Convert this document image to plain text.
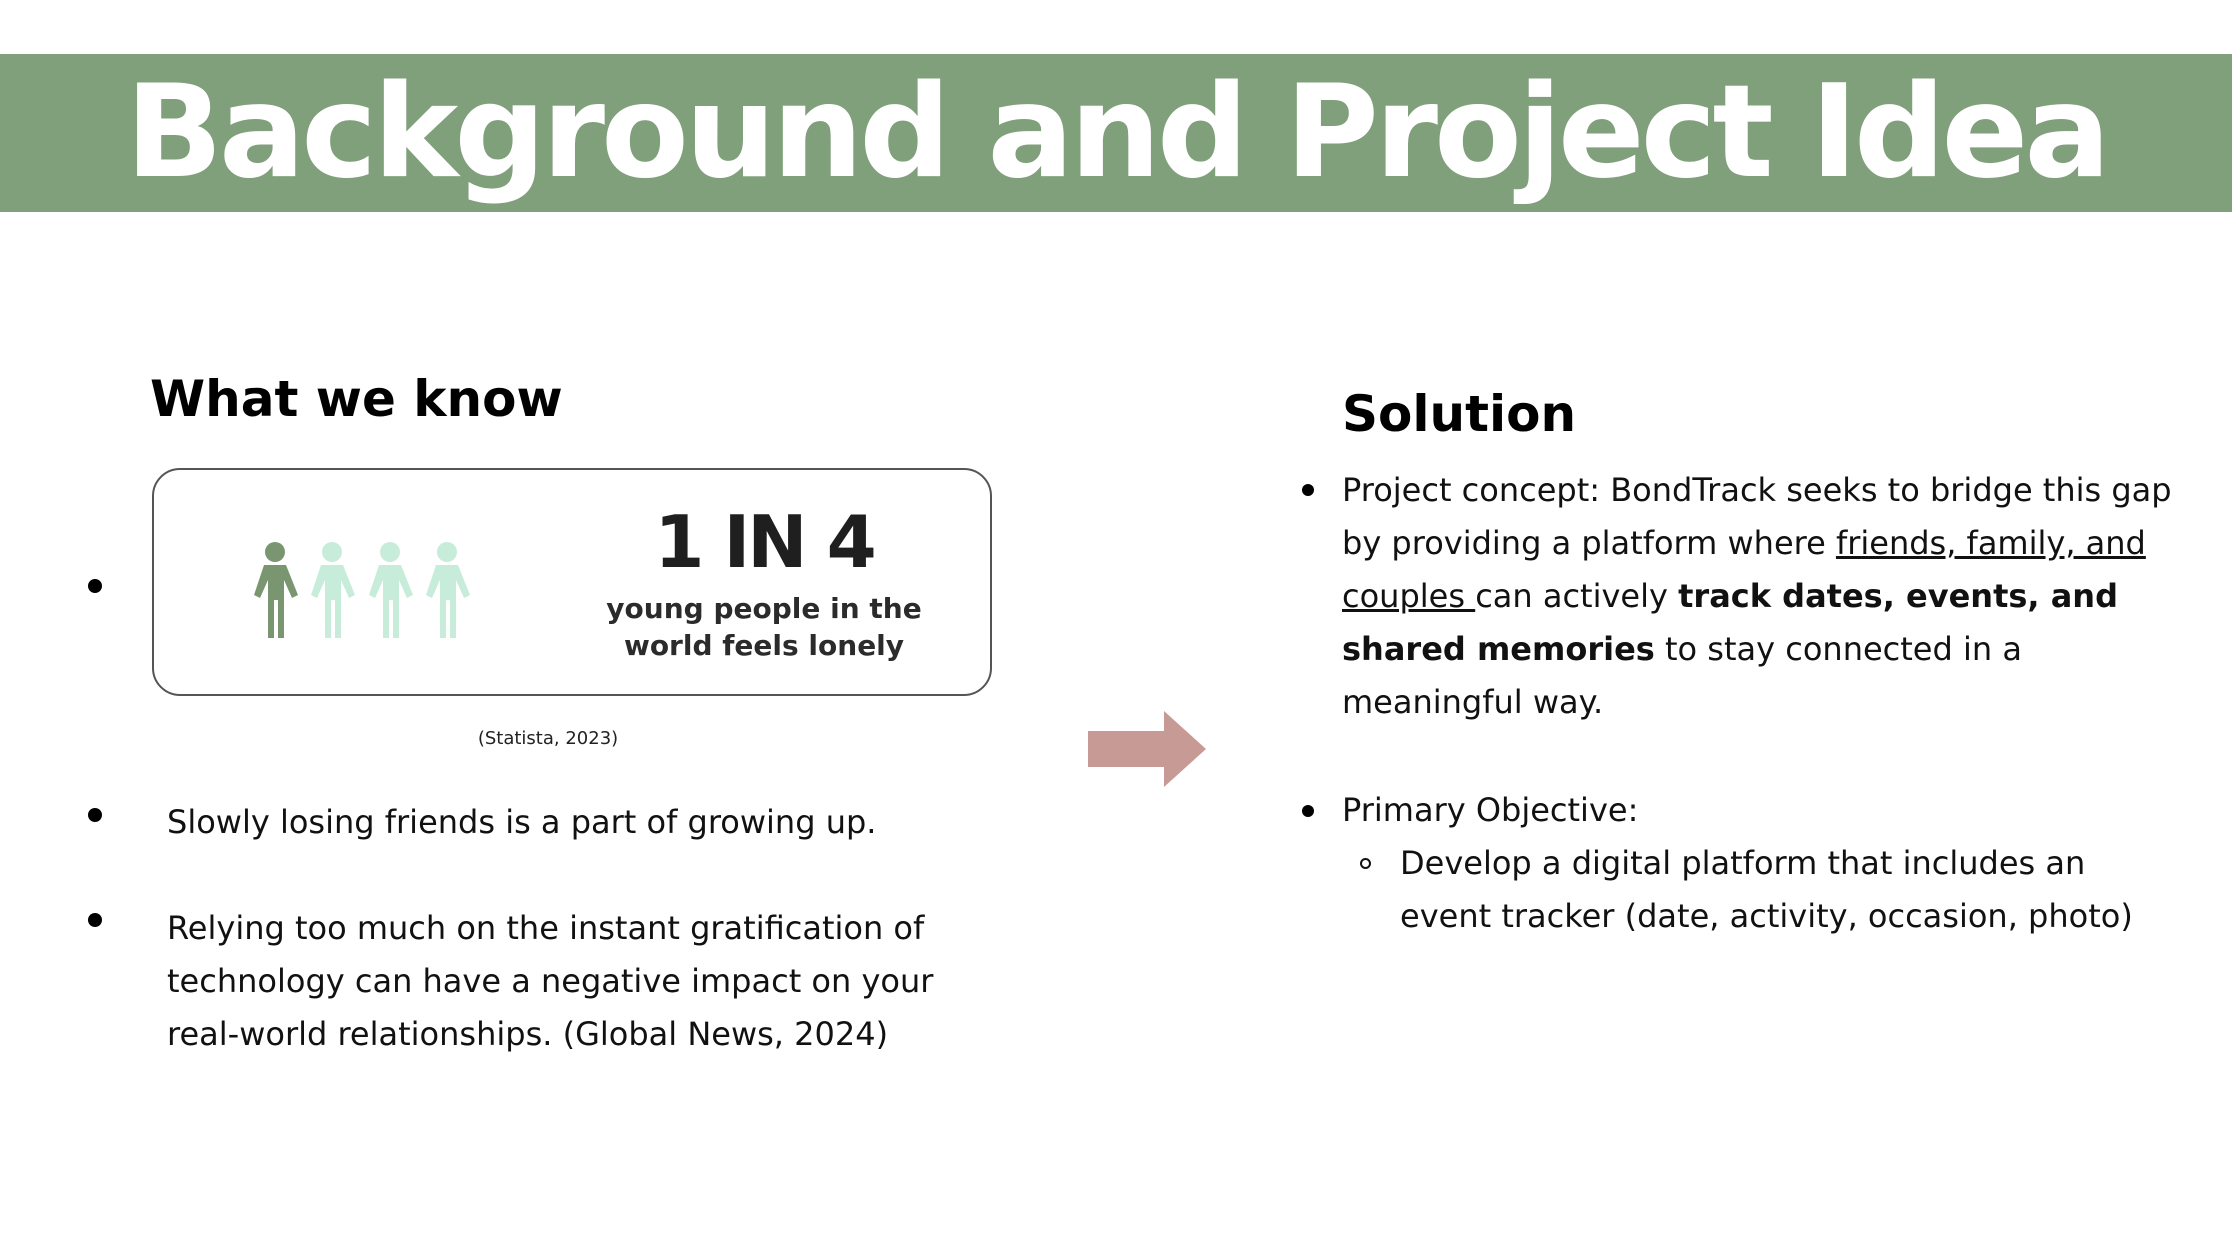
Background and Project Idea
What we know
1 IN 4
young people in the world feels lonely
(Statista, 2023)
Slowly losing friends is a part of growing up.
Relying too much on the instant gratification of technology can have a negative impact on your real-world relationships. (Global News, 2024)
Solution
Project concept: BondTrack seeks to bridge this gap by providing a platform where friends, family, and couples can actively track dates, events, and shared memories to stay connected in a meaningful way.
Primary Objective:
Develop a digital platform that includes an event tracker (date, activity, occasion, photo)
